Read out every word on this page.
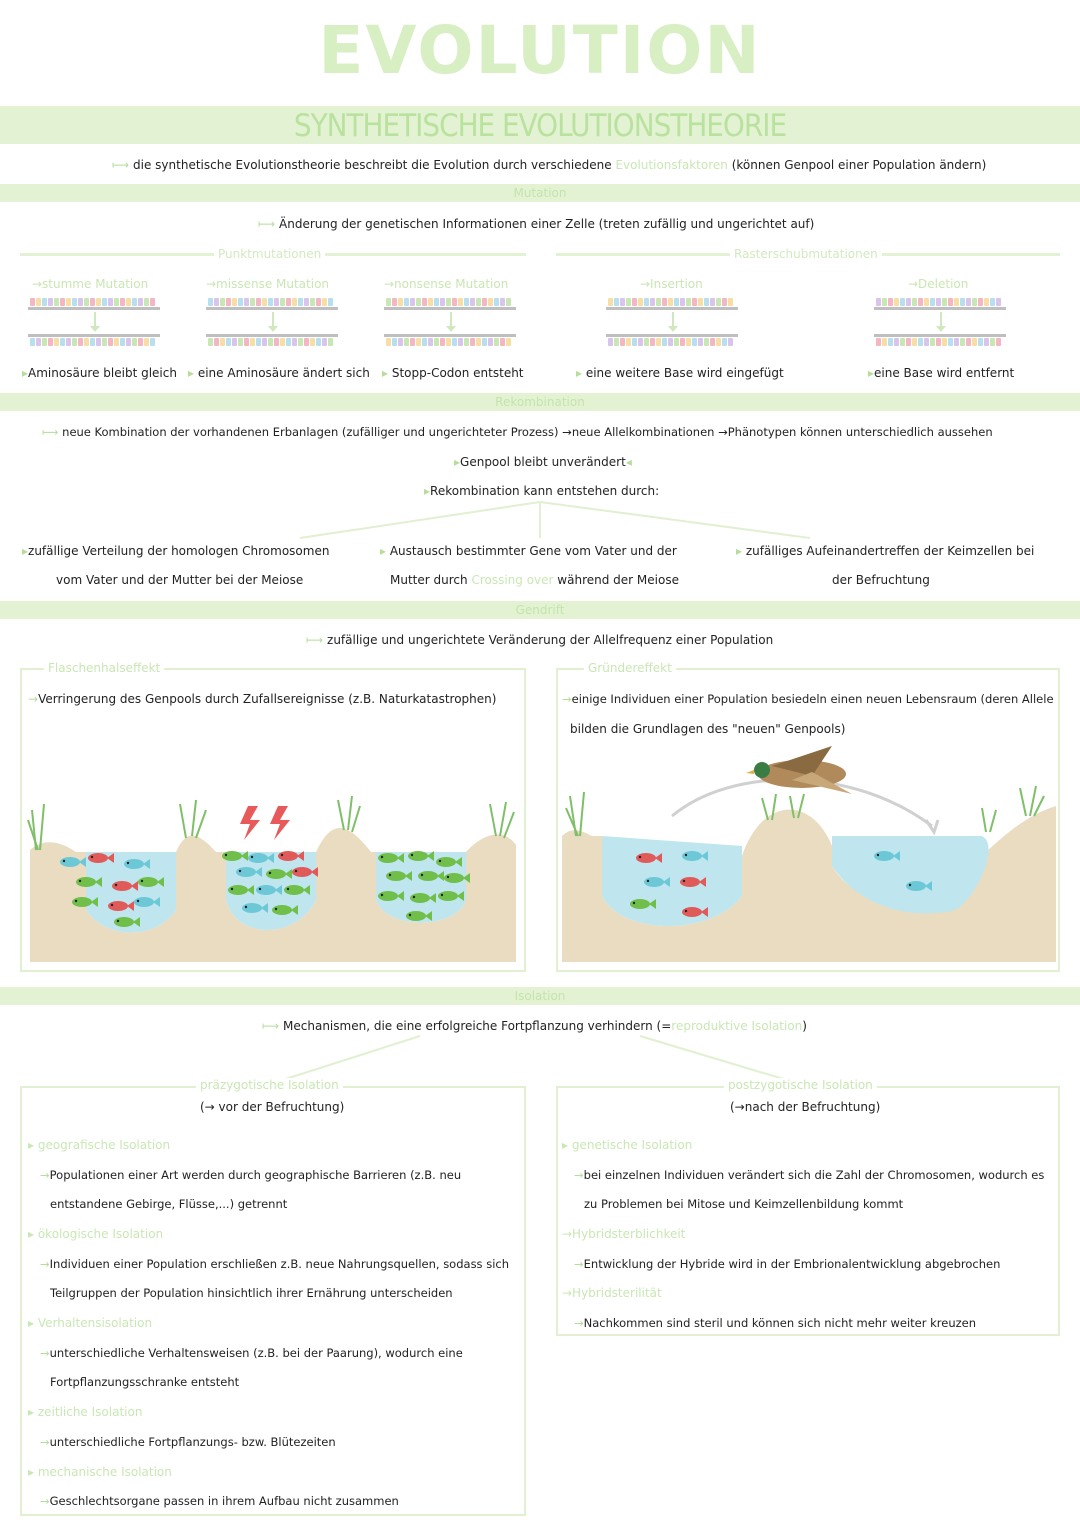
EVOLUTION
SYNTHETISCHE EVOLUTIONSTHEORIE
⟼ die synthetische Evolutionstheorie beschreibt die Evolution durch verschiedene Evolutionsfaktoren (können Genpool einer Population ändern)
Mutation
⟼ Änderung der genetischen Informationen einer Zelle (treten zufällig und ungerichtet auf)
Punktmutationen	Rasterschubmutationen
→stumme Mutation	→missense Mutation	→nonsense Mutation	→Insertion	→Deletion
▸Aminosäure bleibt gleich ▸ eine Aminosäure ändert sich ▸ Stopp-Codon entsteht	▸ eine weitere Base wird eingefügt	▸eine Base wird entfernt
Rekombination
⟼ neue Kombination der vorhandenen Erbanlagen (zufälliger und ungerichteter Prozess) →neue Allelkombinationen →Phänotypen können unterschiedlich aussehen
▸Genpool bleibt unverändert◂
▸Rekombination kann entstehen durch:
▸zufällige Verteilung der homologen Chromosomen
vom Vater und der Mutter bei der Meiose
▸ Austausch bestimmter Gene vom Vater und der
Mutter durch Crossing over während der Meiose
▸ zufälliges Aufeinandertreffen der Keimzellen bei
der Befruchtung
Gendrift
⟼ zufällige und ungerichtete Veränderung der Allelfrequenz einer Population
Flaschenhalseffekt
→Verringerung des Genpools durch Zufallsereignisse (z.B. Naturkatastrophen)
Gründereffekt
→einige Individuen einer Population besiedeln einen neuen Lebensraum (deren Allele
bilden die Grundlagen des "neuen" Genpools)
Isolation
⟼ Mechanismen, die eine erfolgreiche Fortpflanzung verhindern (=reproduktive Isolation)
präzygotische Isolation
(→ vor der Befruchtung)
postzygotische Isolation
(→nach der Befruchtung)
▸ geografische Isolation
→Populationen einer Art werden durch geographische Barrieren (z.B. neu
entstandene Gebirge, Flüsse,...) getrennt
▸ ökologische Isolation
→Individuen einer Population erschließen z.B. neue Nahrungsquellen, sodass sich
Teilgruppen der Population hinsichtlich ihrer Ernährung unterscheiden
▸ Verhaltensisolation
→unterschiedliche Verhaltensweisen (z.B. bei der Paarung), wodurch eine
Fortpflanzungsschranke entsteht
▸ zeitliche Isolation
→unterschiedliche Fortpflanzungs- bzw. Blütezeiten
▸ mechanische Isolation
→Geschlechtsorgane passen in ihrem Aufbau nicht zusammen
▸ genetische Isolation
→bei einzelnen Individuen verändert sich die Zahl der Chromosomen, wodurch es
zu Problemen bei Mitose und Keimzellenbildung kommt
→Hybridsterblichkeit
→Entwicklung der Hybride wird in der Embrionalentwicklung abgebrochen
→Hybridsterilität
→Nachkommen sind steril und können sich nicht mehr weiter kreuzen
